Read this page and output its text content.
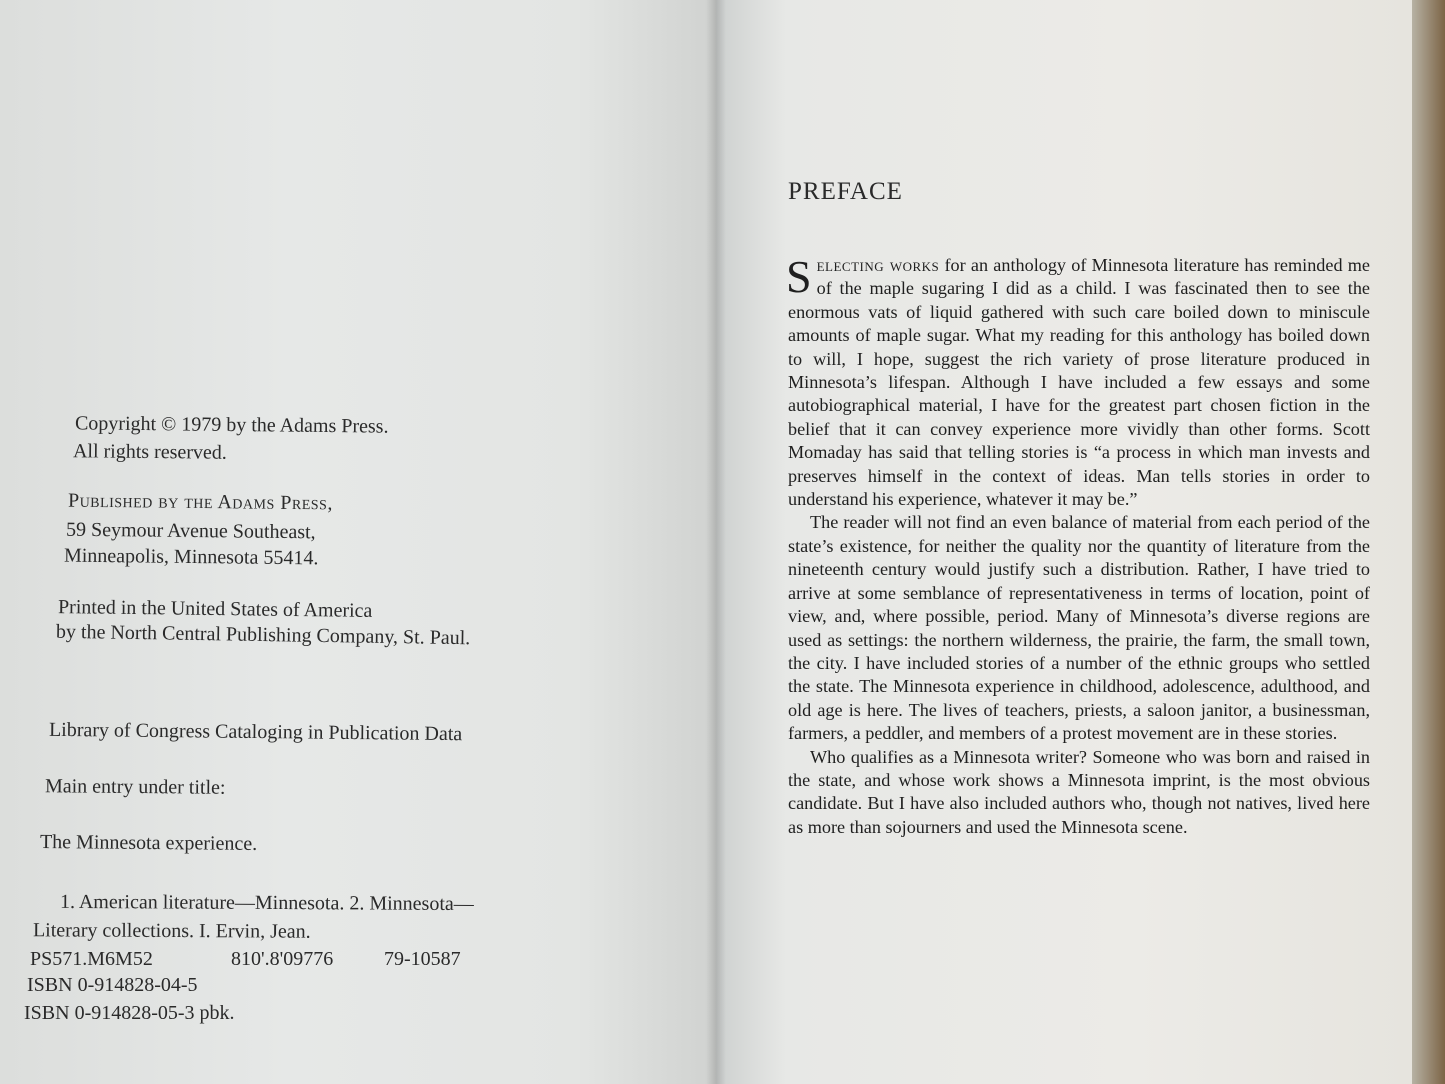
Copyright © 1979 by the Adams Press.
All rights reserved.
Published by the Adams Press,
59 Seymour Avenue Southeast,
Minneapolis, Minnesota 55414.
Printed in the United States of America
by the North Central Publishing Company, St. Paul.
Library of Congress Cataloging in Publication Data
Main entry under title:
The Minnesota experience.
1. American literature—Minnesota. 2. Minnesota—
Literary collections. I. Ervin, Jean.
PS571.M6M52	810'.8'09776	79-10587
ISBN 0-914828-04-5
ISBN 0-914828-05-3 pbk.
PREFACE

Selecting works for an anthology of Minnesota literature has reminded me of the maple sugaring I did as a child. I was fascinated then to see the enormous vats of liquid gathered with such care boiled down to miniscule amounts of maple sugar. What my reading for this anthology has boiled down to will, I hope, suggest the rich variety of prose literature produced in Minnesota’s lifespan. Although I have included a few essays and some autobiographical material, I have for the greatest part chosen fiction in the belief that it can convey experience more vividly than other forms. Scott Momaday has said that telling stories is “a process in which man invests and preserves himself in the context of ideas. Man tells stories in order to understand his experience, whatever it may be.”

The reader will not find an even balance of material from each period of the state’s existence, for neither the quality nor the quantity of literature from the nineteenth century would justify such a distribution. Rather, I have tried to arrive at some semblance of representativeness in terms of location, point of view, and, where possible, period. Many of Minnesota’s diverse regions are used as settings: the northern wilderness, the prairie, the farm, the small town, the city. I have included stories of a number of the ethnic groups who settled the state. The Minnesota experience in childhood, adolescence, adulthood, and old age is here. The lives of teachers, priests, a saloon janitor, a businessman, farmers, a peddler, and members of a protest movement are in these stories.

Who qualifies as a Minnesota writer? Someone who was born and raised in the state, and whose work shows a Minnesota imprint, is the most obvious candidate. But I have also included authors who, though not natives, lived here as more than sojourners and used the Minnesota scene.
